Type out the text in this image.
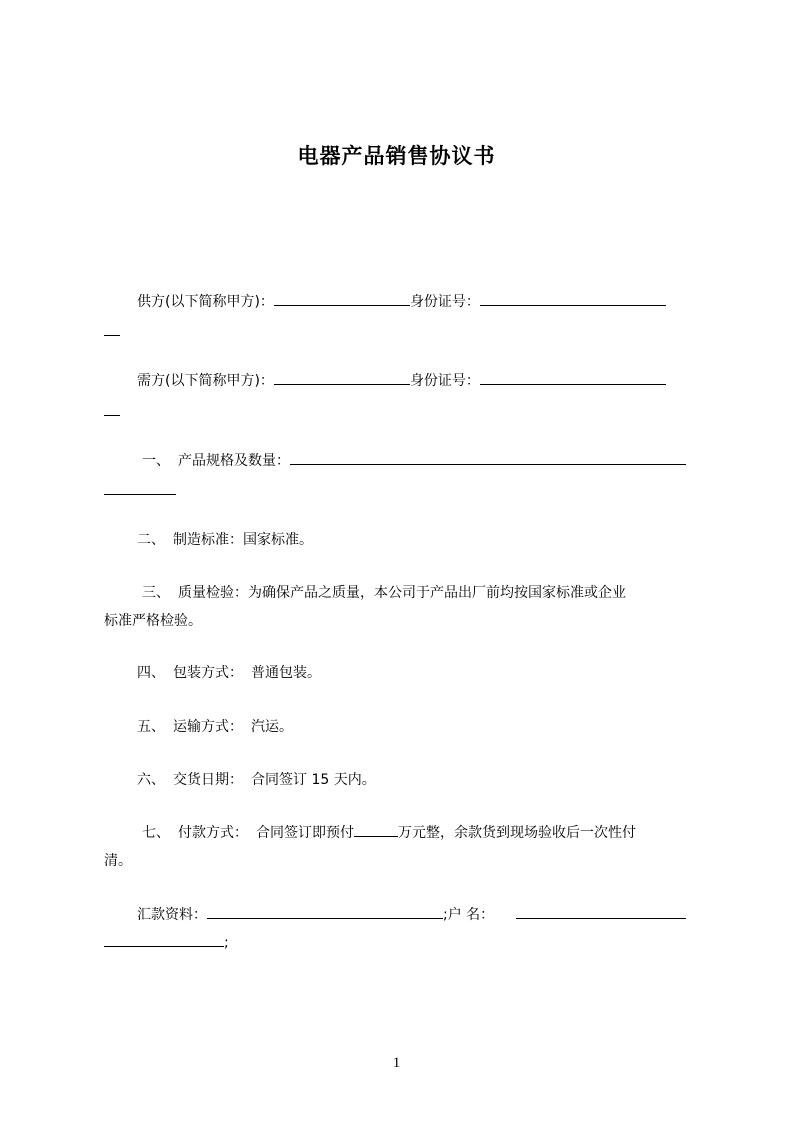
电器产品销售协议书
供方(以下简称甲方)：	身份证号：
需方(以下简称甲方)：	身份证号：
一、 产品规格及数量：
二、 制造标准：国家标准。
三、 质量检验：为确保产品之质量，本公司于产品出厂前均按国家标准或企业
标准严格检验。
四、 包装方式： 普通包装。
五、 运输方式： 汽运。
六、 交货日期： 合同签订 15 天内。
七、 付款方式： 合同签订即预付	万元整，余款货到现场验收后一次性付
清。
汇款资料：	;户 名：
;
1
